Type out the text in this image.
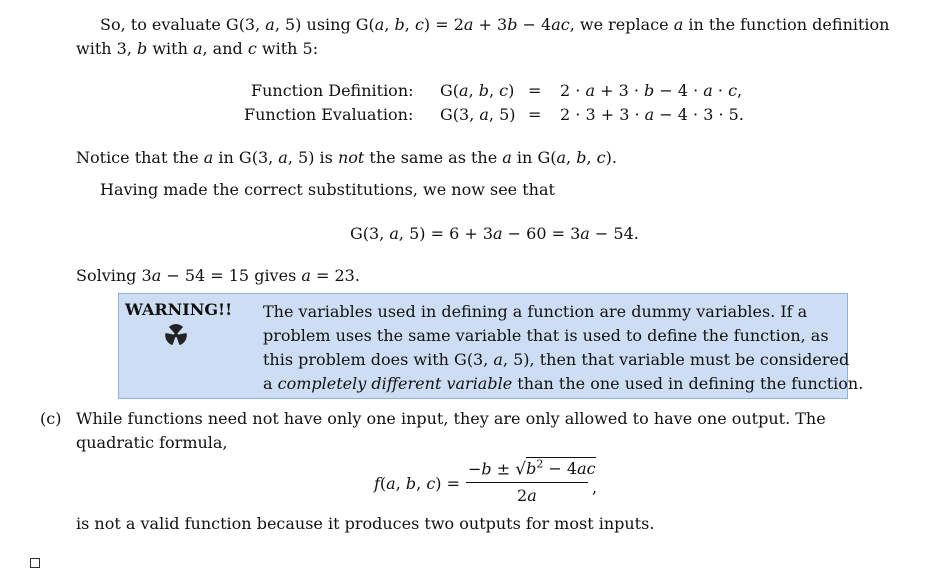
So, to evaluate G(3, a, 5) using G(a, b, c) = 2a + 3b − 4ac, we replace a in the function definition
with 3, b with a, and c with 5:
Function Definition: G(a, b, c) = 2 · a + 3 · b − 4 · a · c,
Function Evaluation: G(3, a, 5) = 2 · 3 + 3 · a − 4 · 3 · 5.
Notice that the a in G(3, a, 5) is not the same as the a in G(a, b, c).
Having made the correct substitutions, we now see that
G(3, a, 5) = 6 + 3a − 60 = 3a − 54.
Solving 3a − 54 = 15 gives a = 23.
WARNING!! The variables used in defining a function are dummy variables. If a
problem uses the same variable that is used to define the function, as
this problem does with G(3, a, 5), then that variable must be considered
a completely different variable than the one used in defining the function.
(c) While functions need not have only one input, they are only allowed to have one output. The
quadratic formula,
f(a, b, c) =
$-b \pm √b^2 - 4ac$
2a	,
is not a valid function because it produces two outputs for most inputs.
